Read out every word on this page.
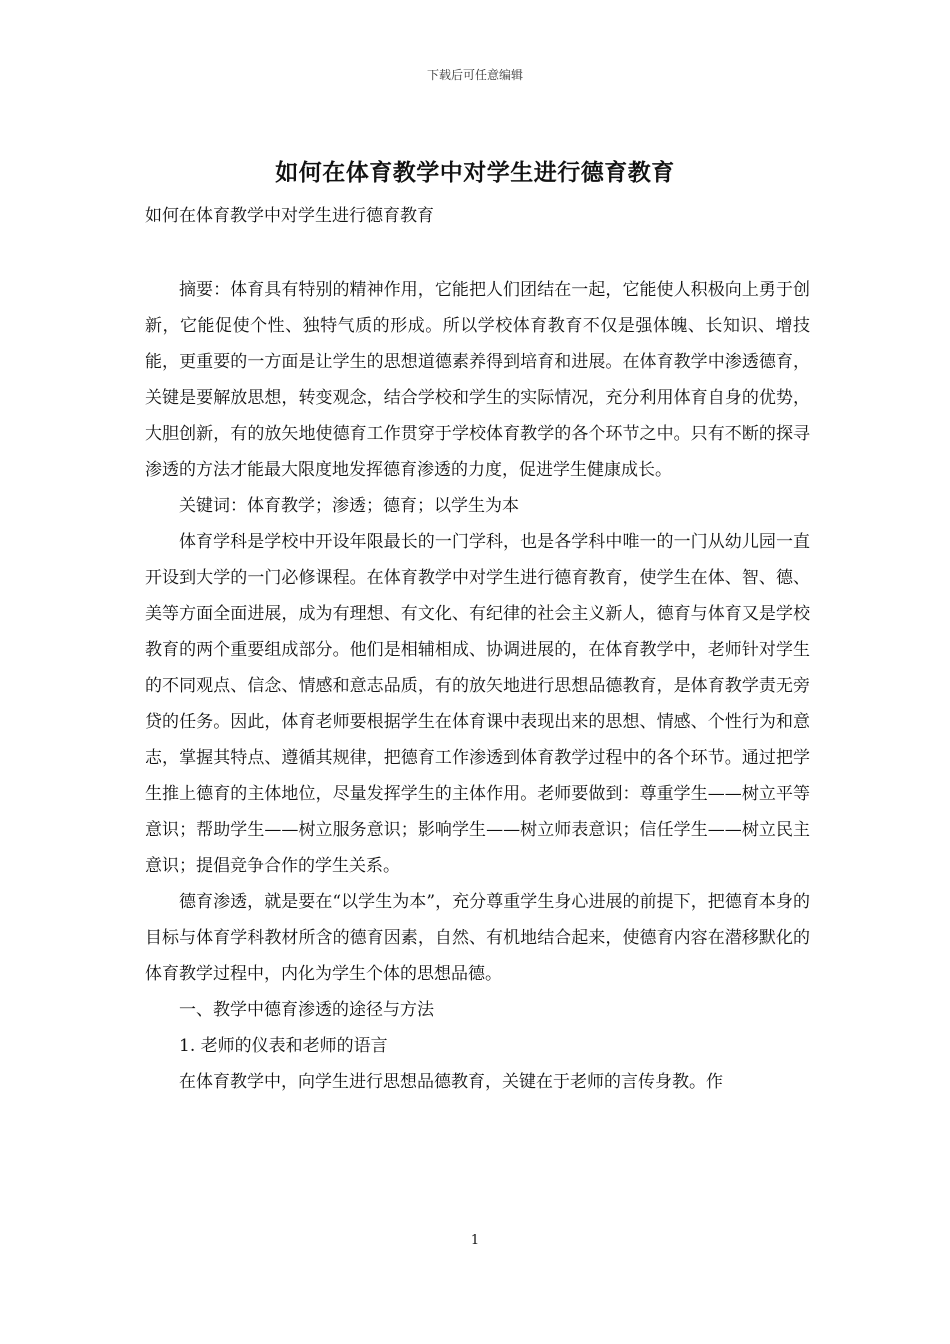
下载后可任意编辑
如何在体育教学中对学生进行德育教育
如何在体育教学中对学生进行德育教育

摘要：体育具有特别的精神作用，它能把人们团结在一起，它能使人积极向上勇于创新，它能促使个性、独特气质的形成。所以学校体育教育不仅是强体魄、长知识、增技能，更重要的一方面是让学生的思想道德素养得到培育和进展。在体育教学中渗透德育，关键是要解放思想，转变观念，结合学校和学生的实际情况，充分利用体育自身的优势，大胆创新，有的放矢地使德育工作贯穿于学校体育教学的各个环节之中。只有不断的探寻渗透的方法才能最大限度地发挥德育渗透的力度，促进学生健康成长。

关键词：体育教学；渗透；德育；以学生为本

体育学科是学校中开设年限最长的一门学科，也是各学科中唯一的一门从幼儿园一直开设到大学的一门必修课程。在体育教学中对学生进行德育教育，使学生在体、智、德、美等方面全面进展，成为有理想、有文化、有纪律的社会主义新人，德育与体育又是学校教育的两个重要组成部分。他们是相辅相成、协调进展的，在体育教学中，老师针对学生的不同观点、信念、情感和意志品质，有的放矢地进行思想品德教育，是体育教学责无旁贷的任务。因此，体育老师要根据学生在体育课中表现出来的思想、情感、个性行为和意志，掌握其特点、遵循其规律，把德育工作渗透到体育教学过程中的各个环节。通过把学生推上德育的主体地位，尽量发挥学生的主体作用。老师要做到：尊重学生——树立平等意识；帮助学生——树立服务意识；影响学生——树立师表意识；信任学生——树立民主意识；提倡竞争合作的学生关系。

德育渗透，就是要在“以学生为本”，充分尊重学生身心进展的前提下，把德育本身的目标与体育学科教材所含的德育因素，自然、有机地结合起来，使德育内容在潜移默化的体育教学过程中，内化为学生个体的思想品德。

一、教学中德育渗透的途径与方法

1. 老师的仪表和老师的语言

在体育教学中，向学生进行思想品德教育，关键在于老师的言传身教。作

1
